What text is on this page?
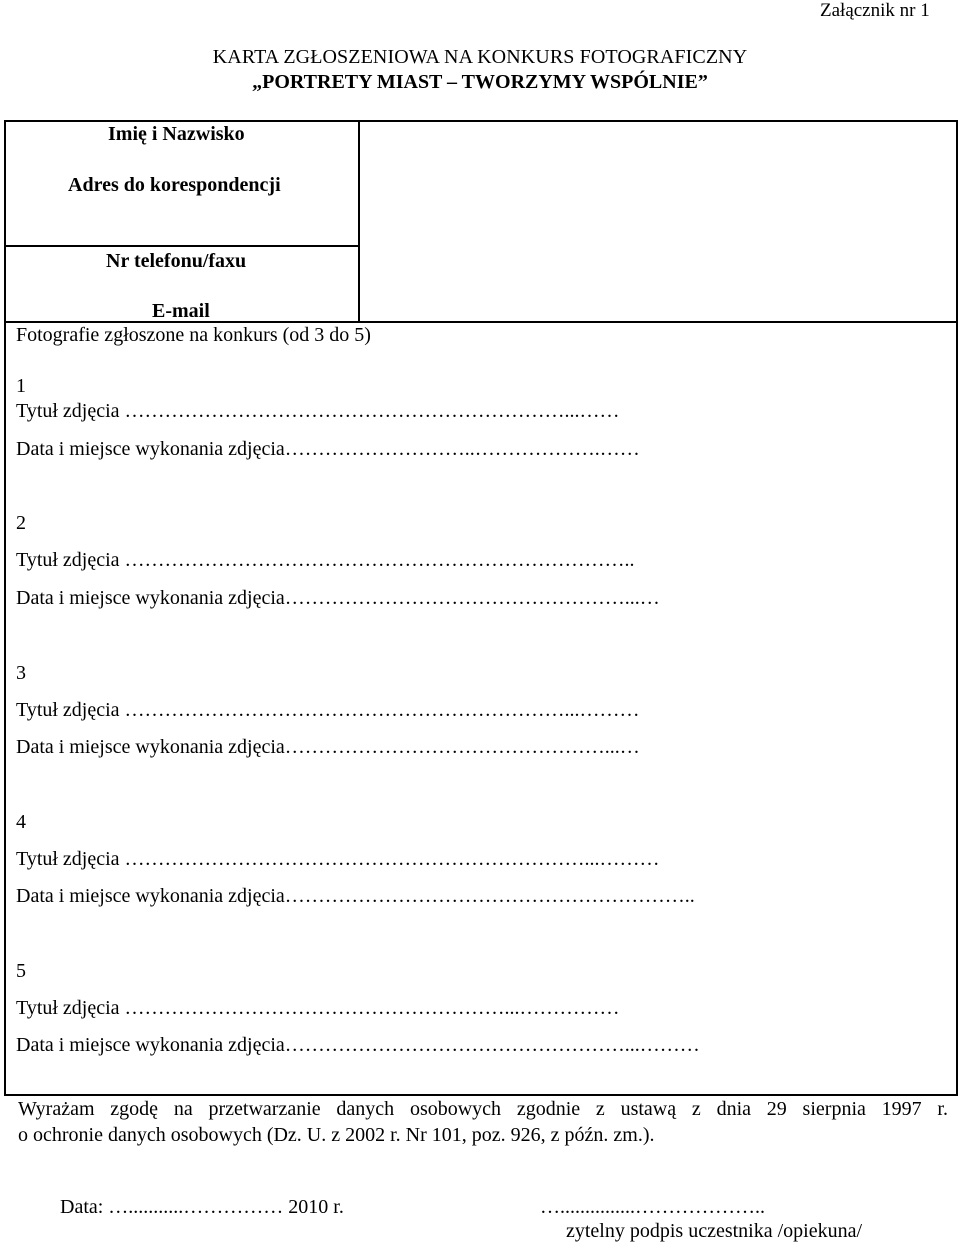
Załącznik nr 1
KARTA ZGŁOSZENIOWA NA KONKURS FOTOGRAFICZNY
„PORTRETY MIAST – TWORZYMY WSPÓLNIE”
Imię i Nazwisko
Adres do korespondencji
Nr telefonu/faxu
E-mail
Fotografie zgłoszone na konkurs (od 3 do 5)
1
Tytuł zdjęcia …………………………………………………………...……
Data i miejsce wykonania zdjęcia………………………..……………….……
2
Tytuł zdjęcia …………………………………………………………………..
Data i miejsce wykonania zdjęcia……………………………………………...…
3
Tytuł zdjęcia …………………………………………………………...………
Data i miejsce wykonania zdjęcia…………………………………………...…
4
Tytuł zdjęcia ……………………………………………………………...………
Data i miejsce wykonania zdjęcia……………………………………………………..
5
Tytuł zdjęcia …………………………………………………...……………
Data i miejsce wykonania zdjęcia……………………………………………...………
Wyrażam zgodę na przetwarzanie danych osobowych zgodnie z ustawą z dnia 29 sierpnia 1997 r.
o ochronie danych osobowych (Dz. U. z 2002 r. Nr 101, poz. 926, z późn. zm.).
Data: …...........…………… 2010 r.	…...............………………..
zytelny podpis uczestnika /opiekuna/
